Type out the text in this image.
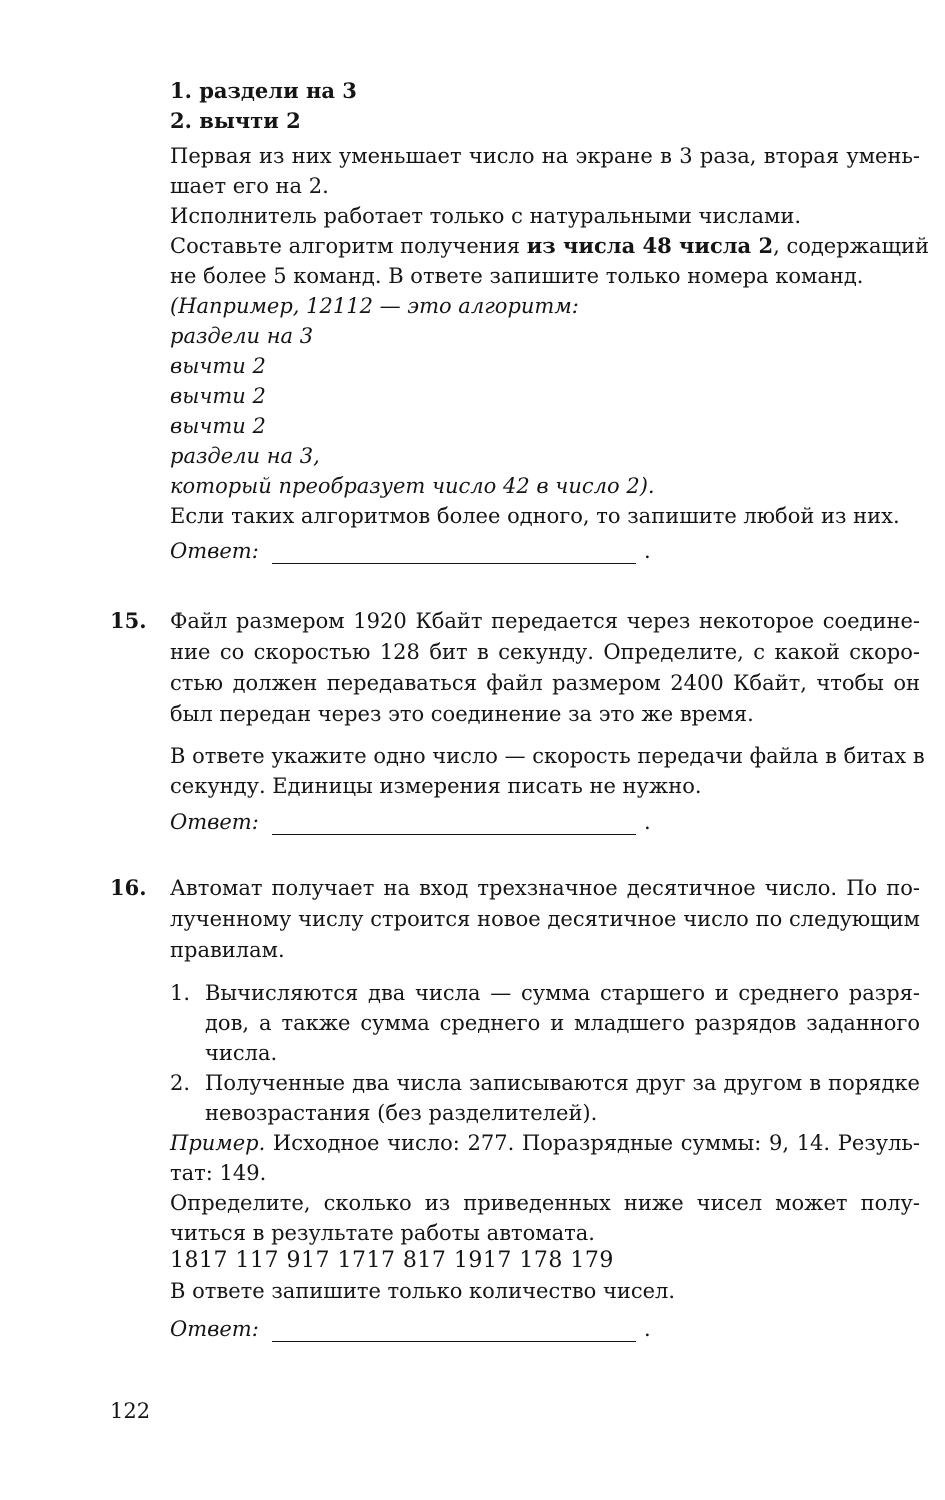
1. раздели на 3
2. вычти 2
Первая из них уменьшает число на экране в 3 раза, вторая умень-
шает его на 2.
Исполнитель работает только с натуральными числами.
Составьте алгоритм получения из числа 48 числа 2, содержащий
не более 5 команд. В ответе запишите только номера команд.
(Например, 12112 — это алгоритм:
раздели на 3
вычти 2
вычти 2
вычти 2
раздели на 3,
который преобразует число 42 в число 2).
Если таких алгоритмов более одного, то запишите любой из них.
Ответ:	.
15. Файл размером 1920 Кбайт передается через некоторое соедине-
ние со скоростью 128 бит в секунду. Определите, с какой скоро-
стью должен передаваться файл размером 2400 Кбайт, чтобы он
был передан через это соединение за это же время.
В ответе укажите одно число — скорость передачи файла в битах в
секунду. Единицы измерения писать не нужно.
Ответ:	.
16. Автомат получает на вход трехзначное десятичное число. По по-
лученному числу строится новое десятичное число по следующим
правилам.
1. Вычисляются два числа — сумма старшего и среднего разря-
дов, а также сумма среднего и младшего разрядов заданного
числа.
2. Полученные два числа записываются друг за другом в порядке
невозрастания (без разделителей).
Пример. Исходное число: 277. Поразрядные суммы: 9, 14. Резуль-
тат: 149.
Определите, сколько из приведенных ниже чисел может полу-
читься в результате работы автомата.
1817 117 917 1717 817 1917 178 179
В ответе запишите только количество чисел.
Ответ:	.
122
